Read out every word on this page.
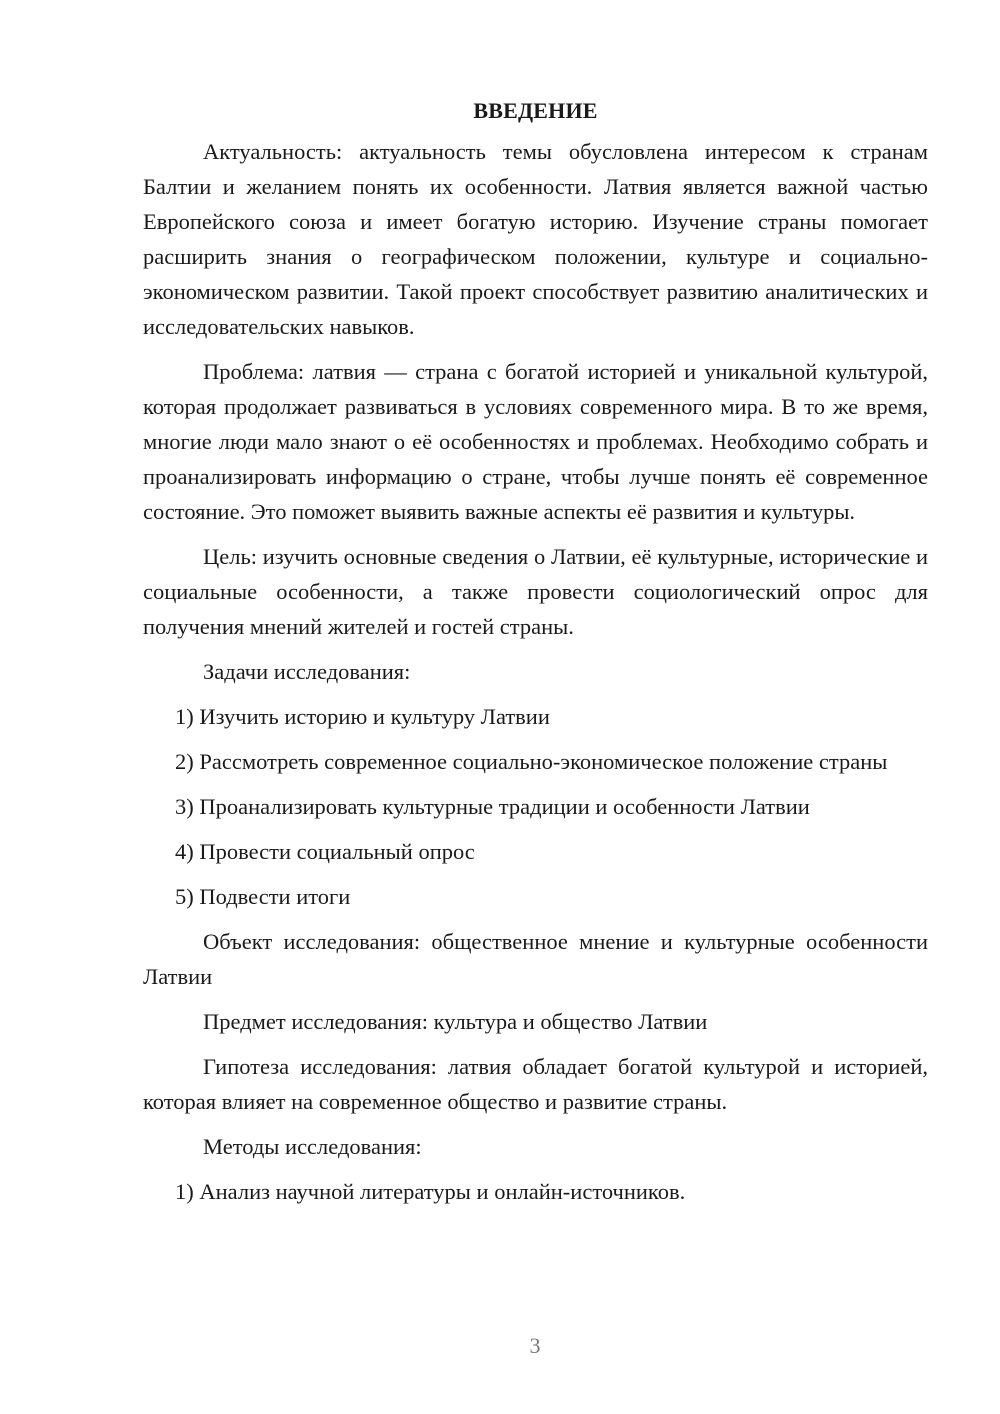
ВВЕДЕНИЕ

Актуальность: актуальность темы обусловлена интересом к странам Балтии и желанием понять их особенности. Латвия является важной частью Европейского союза и имеет богатую историю. Изучение страны помогает расширить знания о географическом положении, культуре и социально-экономическом развитии. Такой проект способствует развитию аналитических и исследовательских навыков.

Проблема: латвия — страна с богатой историей и уникальной культурой, которая продолжает развиваться в условиях современного мира. В то же время, многие люди мало знают о её особенностях и проблемах. Необходимо собрать и проанализировать информацию о стране, чтобы лучше понять её современное состояние. Это поможет выявить важные аспекты её развития и культуры.

Цель: изучить основные сведения о Латвии, её культурные, исторические и социальные особенности, а также провести социологический опрос для получения мнений жителей и гостей страны.

Задачи исследования:

1) Изучить историю и культуру Латвии

2) Рассмотреть современное социально-экономическое положение страны

3) Проанализировать культурные традиции и особенности Латвии

4) Провести социальный опрос

5) Подвести итоги

Объект исследования: общественное мнение и культурные особенности Латвии

Предмет исследования: культура и общество Латвии

Гипотеза исследования: латвия обладает богатой культурой и историей, которая влияет на современное общество и развитие страны.

Методы исследования:

1) Анализ научной литературы и онлайн-источников.

3
